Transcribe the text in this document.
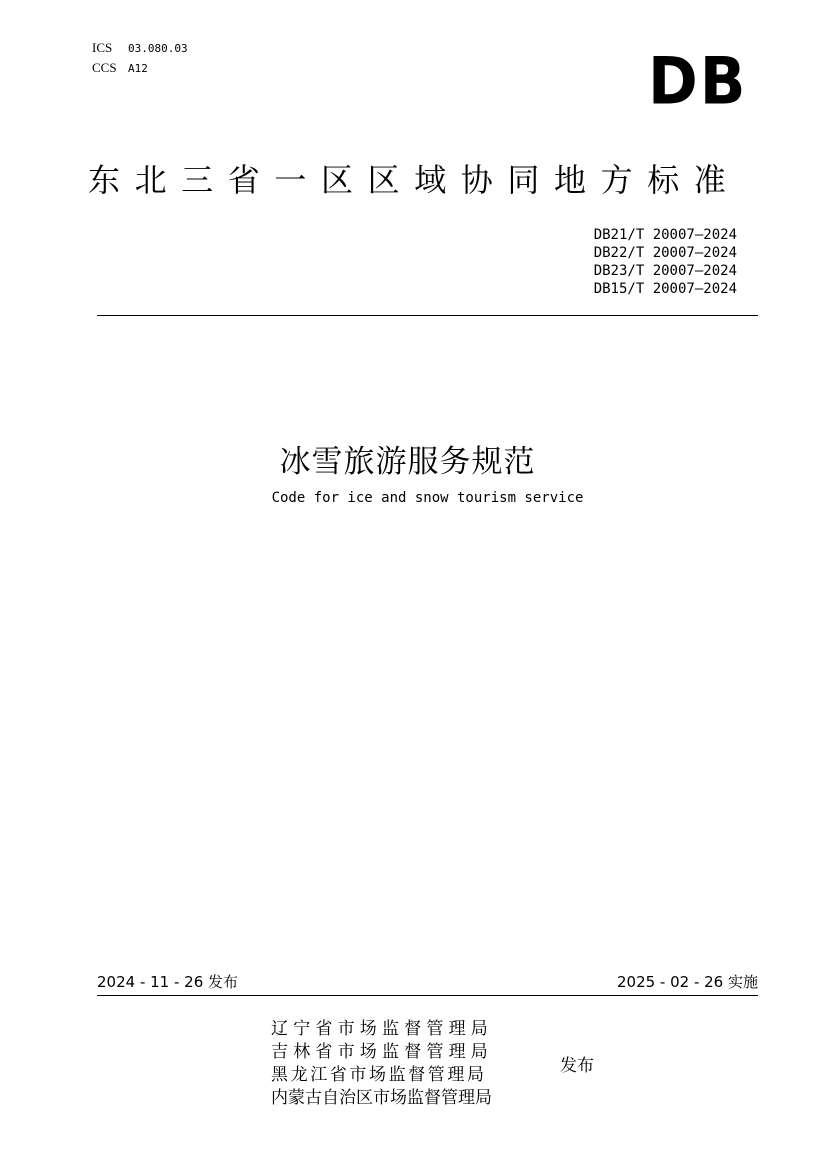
ICS 03.080.03
CCS A12	DB
东北三省一区区域协同地方标准
DB21/T 20007—2024
DB22/T 20007—2024
DB23/T 20007—2024
DB15/T 20007—2024
冰雪旅游服务规范
Code for ice and snow tourism service
2024 - 11 - 26 发布	2025 - 02 - 26 实施
辽宁省市场监督管理局
吉林省市场监督管理局
黑龙江省市场监督管理局
内蒙古自治区市场监督管理局
发布
